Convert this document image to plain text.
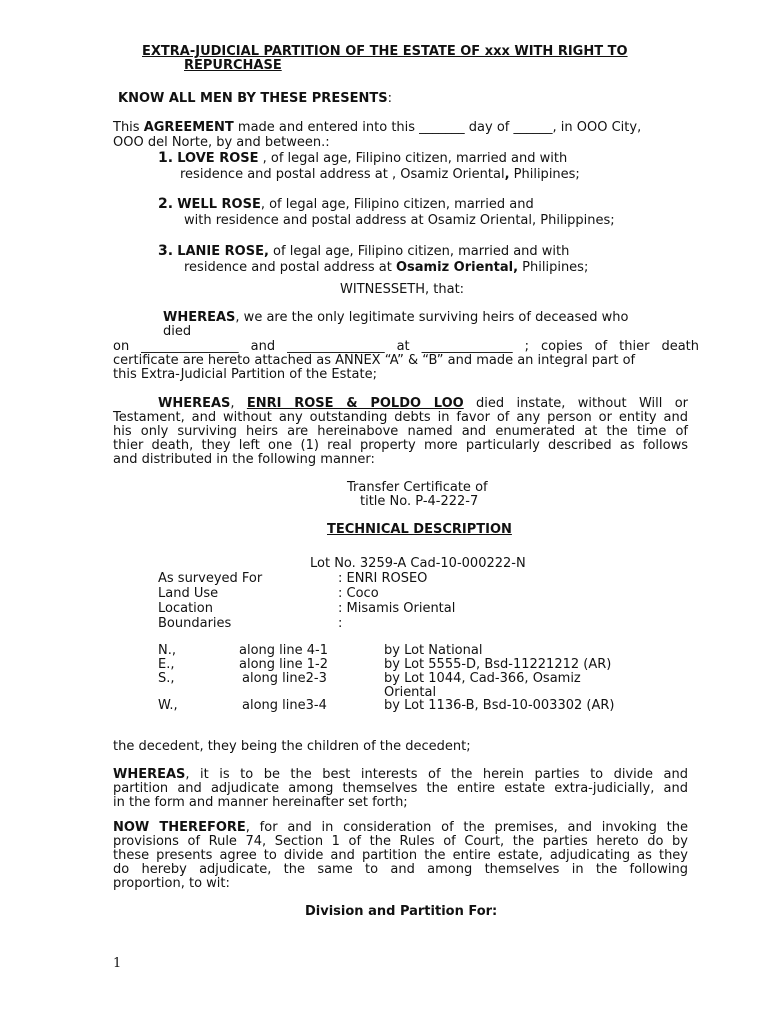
EXTRA-JUDICIAL PARTITION OF THE ESTATE OF xxx WITH RIGHT TO
REPURCHASE
KNOW ALL MEN BY THESE PRESENTS:
This AGREEMENT made and entered into this _______ day of ______, in OOO City,
OOO del Norte, by and between.:
1. LOVE ROSE , of legal age, Filipino citizen, married and with
residence and postal address at , Osamiz Oriental, Philipines;
2. WELL ROSE, of legal age, Filipino citizen, married and
with residence and postal address at Osamiz Oriental, Philippines;
3. LANIE ROSE, of legal age, Filipino citizen, married and with
residence and postal address at Osamiz Oriental, Philipines;
WITNESSETH, that:
WHEREAS, we are the only legitimate surviving heirs of deceased who
died
on _______________ and _______________ at ______________ ; copies of thier death
certificate are hereto attached as ANNEX “A” & “B” and made an integral part of
this Extra-Judicial Partition of the Estate;
WHEREAS, ENRI ROSE & POLDO LOO died instate, without Will or
Testament, and without any outstanding debts in favor of any person or entity and
his only surviving heirs are hereinabove named and enumerated at the time of
thier death, they left one (1) real property more particularly described as follows
and distributed in the following manner:
Transfer Certificate of
title No. P-4-222-7
TECHNICAL DESCRIPTION
Lot No. 3259-A Cad-10-000222-N
As surveyed For	: ENRI ROSEO
Land Use	: Coco
Location	: Misamis Oriental
Boundaries	:
N.,	along line 4-1	by Lot National
E.,	along line 1-2	by Lot 5555-D, Bsd-11221212 (AR)
S.,	along line2-3	by Lot 1044, Cad-366, Osamiz
Oriental
W.,	along line3-4	by Lot 1136-B, Bsd-10-003302 (AR)
the decedent, they being the children of the decedent;
WHEREAS, it is to be the best interests of the herein parties to divide and
partition and adjudicate among themselves the entire estate extra-judicially, and
in the form and manner hereinafter set forth;
NOW THEREFORE, for and in consideration of the premises, and invoking the
provisions of Rule 74, Section 1 of the Rules of Court, the parties hereto do by
these presents agree to divide and partition the entire estate, adjudicating as they
do hereby adjudicate, the same to and among themselves in the following
proportion, to wit:
Division and Partition For:
1
